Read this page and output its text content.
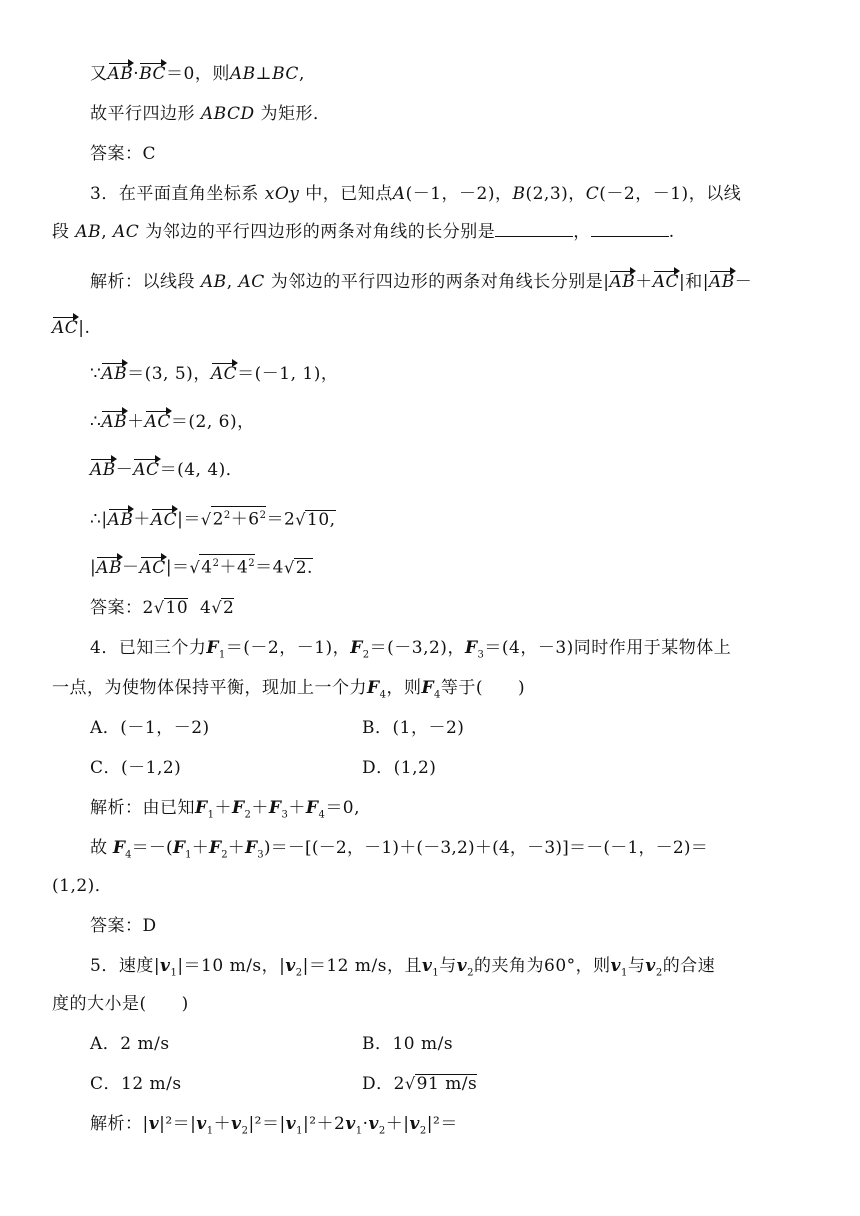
又AB·BC＝0，则AB⊥BC,
故平行四边形 ABCD 为矩形．
答案：C
3．在平面直角坐标系 xOy 中，已知点A(－1，－2)，B(2,3)，C(－2，－1)，以线
段 AB, AC 为邻边的平行四边形的两条对角线的长分别是	，	.
解析：以线段 AB, AC 为邻边的平行四边形的两条对角线长分别是|AB＋AC|和|AB－
AC|.
∵AB＝(3, 5)，AC＝(－1, 1)，
∴AB＋AC＝(2, 6)，
AB－AC＝(4, 4)．
$\therefore|AB+AC|=√2^2+6^2=2√10$,
$|AB-AC|=√4^2+4^2=4√2$.
答案：2√10 4√2
4．已知三个力$F_1=(-2$，－1)，$F_2=(-3,2)$，$F_3=(4$，－3)同时作用于某物体上
一点，为使物体保持平衡，现加上一个力$F_4$，则$F_4$等于(　　)
A．(－1，－2)	B．(1，－2)
C．(－1,2)	D．(1,2)
解析：由已知$F_1+F_2+F_3+F_4=0$,
故 $F_4=-(F_1+F_2+F_3)=-[(-2$，－1)＋(－3,2)＋(4，－3)]＝－(－1，－2)＝
(1,2)．
答案：D
5．速度$|v_1|=10$ m/s，$|v_2|=12$ m/s，且$v_1$与$v_2$的夹角为60°，则$v_1$与$v_2$的合速
度的大小是(　　)
A．2 m/s	B．10 m/s
C．12 m/s	D．2√91 m/s
解析：$|v|^2=|v_1+v_2|^2=|v_1|^2+2v_1\cdot v_2+|v_2|^2=$
